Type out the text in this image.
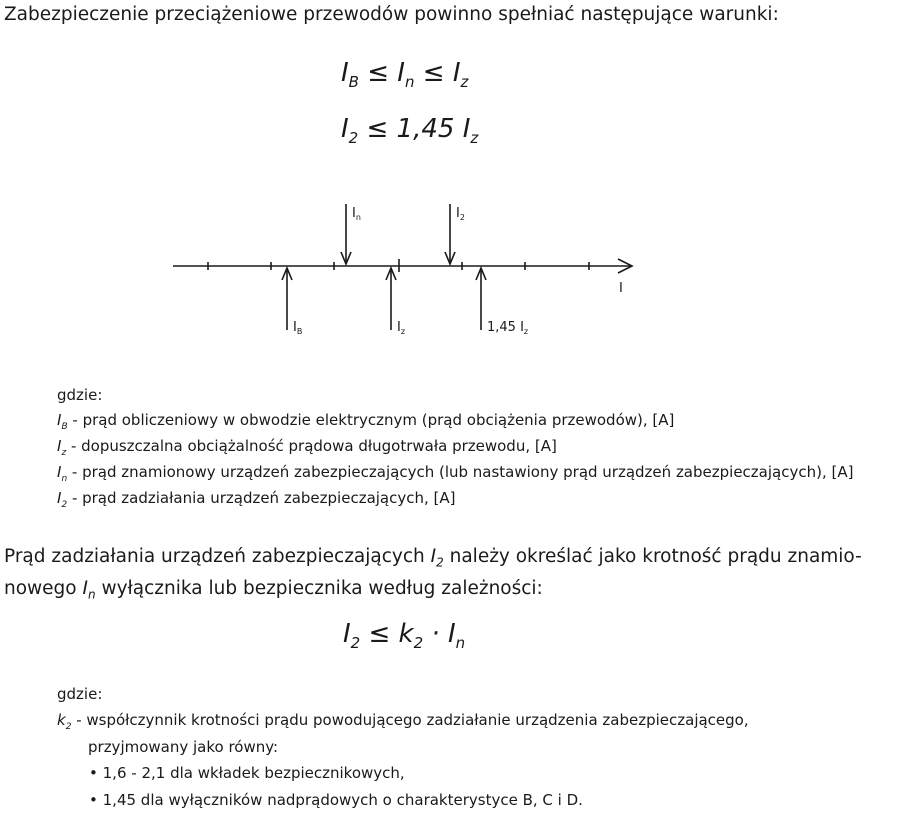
Zabezpieczenie przeciążeniowe przewodów powinno spełniać następujące warunki:
$I_B \le I_n \le I_z$
$I_2 \le 1,45$ $I_z$
$I_n$	$I_2$
$I_B$	$I_z$	1,45 $I_z$
I
gdzie:
$I_B$ - prąd obliczeniowy w obwodzie elektrycznym (prąd obciążenia przewodów), [A]
$I_z$ - dopuszczalna obciążalność prądowa długotrwała przewodu, [A]
$I_n$ - prąd znamionowy urządzeń zabezpieczających (lub nastawiony prąd urządzeń zabezpieczających), [A]
$I_2$ - prąd zadziałania urządzeń zabezpieczających, [A]
Prąd zadziałania urządzeń zabezpieczających $I_2$ należy określać jako krotność prądu znamio-
nowego $I_n$ wyłącznika lub bezpiecznika według zależności:
$I_2 \le k_2 \cdot I_n$
gdzie:
$k_2$ - współczynnik krotności prądu powodującego zadziałanie urządzenia zabezpieczającego,
przyjmowany jako równy:
• 1,6 - 2,1 dla wkładek bezpiecznikowych,
• 1,45 dla wyłączników nadprądowych o charakterystyce B, C i D.
